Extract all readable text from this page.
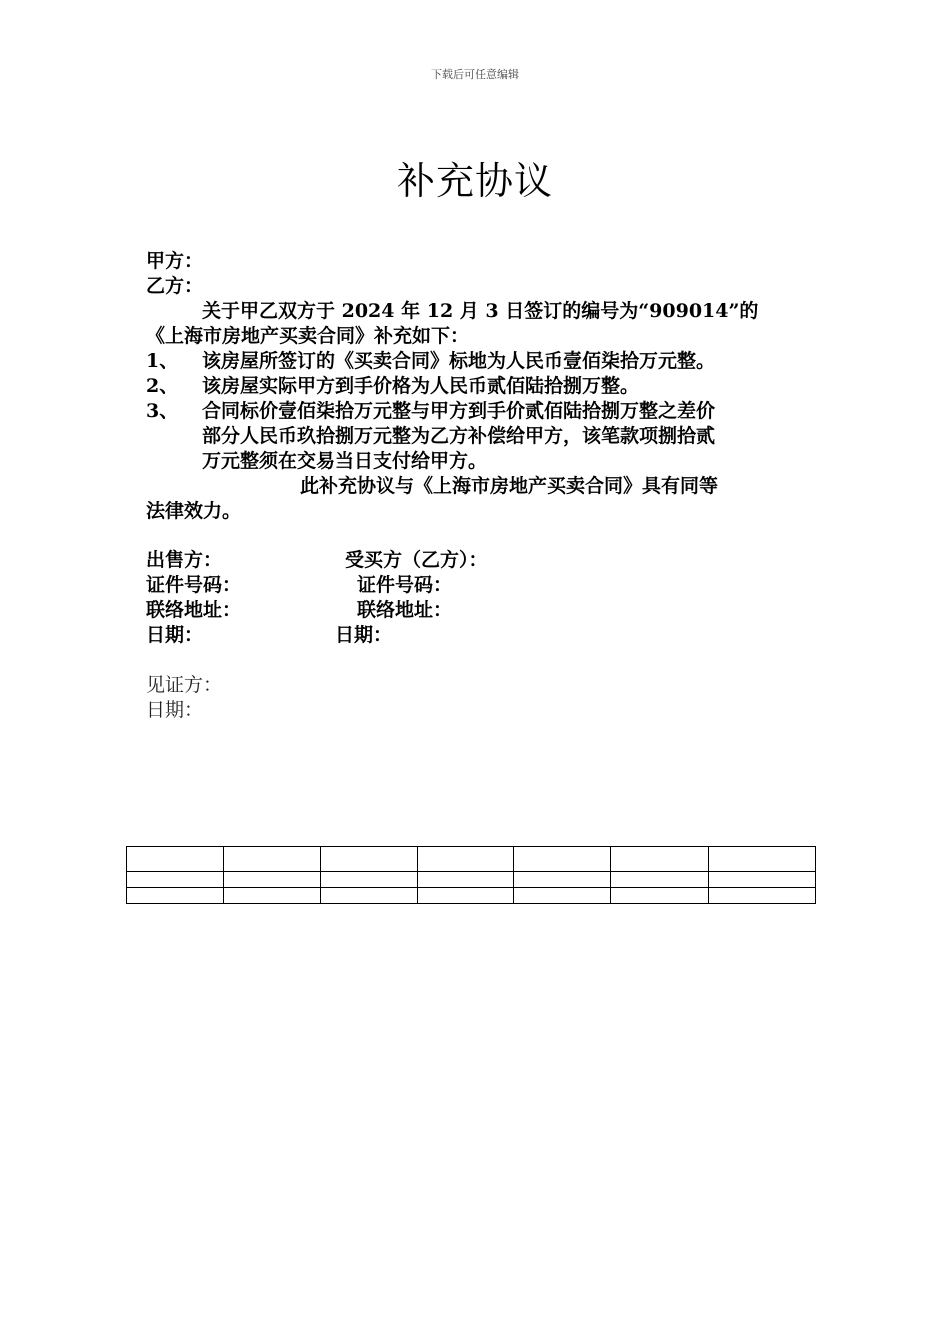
下载后可任意编辑
补充协议
甲方：
乙方：
关于甲乙双方于 2024 年 12 月 3 日签订的编号为“909014”的
《上海市房地产买卖合同》补充如下：
1、	该房屋所签订的《买卖合同》标地为人民币壹佰柒拾万元整。
2、	该房屋实际甲方到手价格为人民币贰佰陆拾捌万整。
3、	合同标价壹佰柒拾万元整与甲方到手价贰佰陆拾捌万整之差价
部分人民币玖拾捌万元整为乙方补偿给甲方，该笔款项捌拾贰
万元整须在交易当日支付给甲方。
此补充协议与《上海市房地产买卖合同》具有同等
法律效力。
出售方：	受买方（乙方）：
证件号码：	证件号码：
联络地址：	联络地址：
日期：	日期：
见证方：
日期：
